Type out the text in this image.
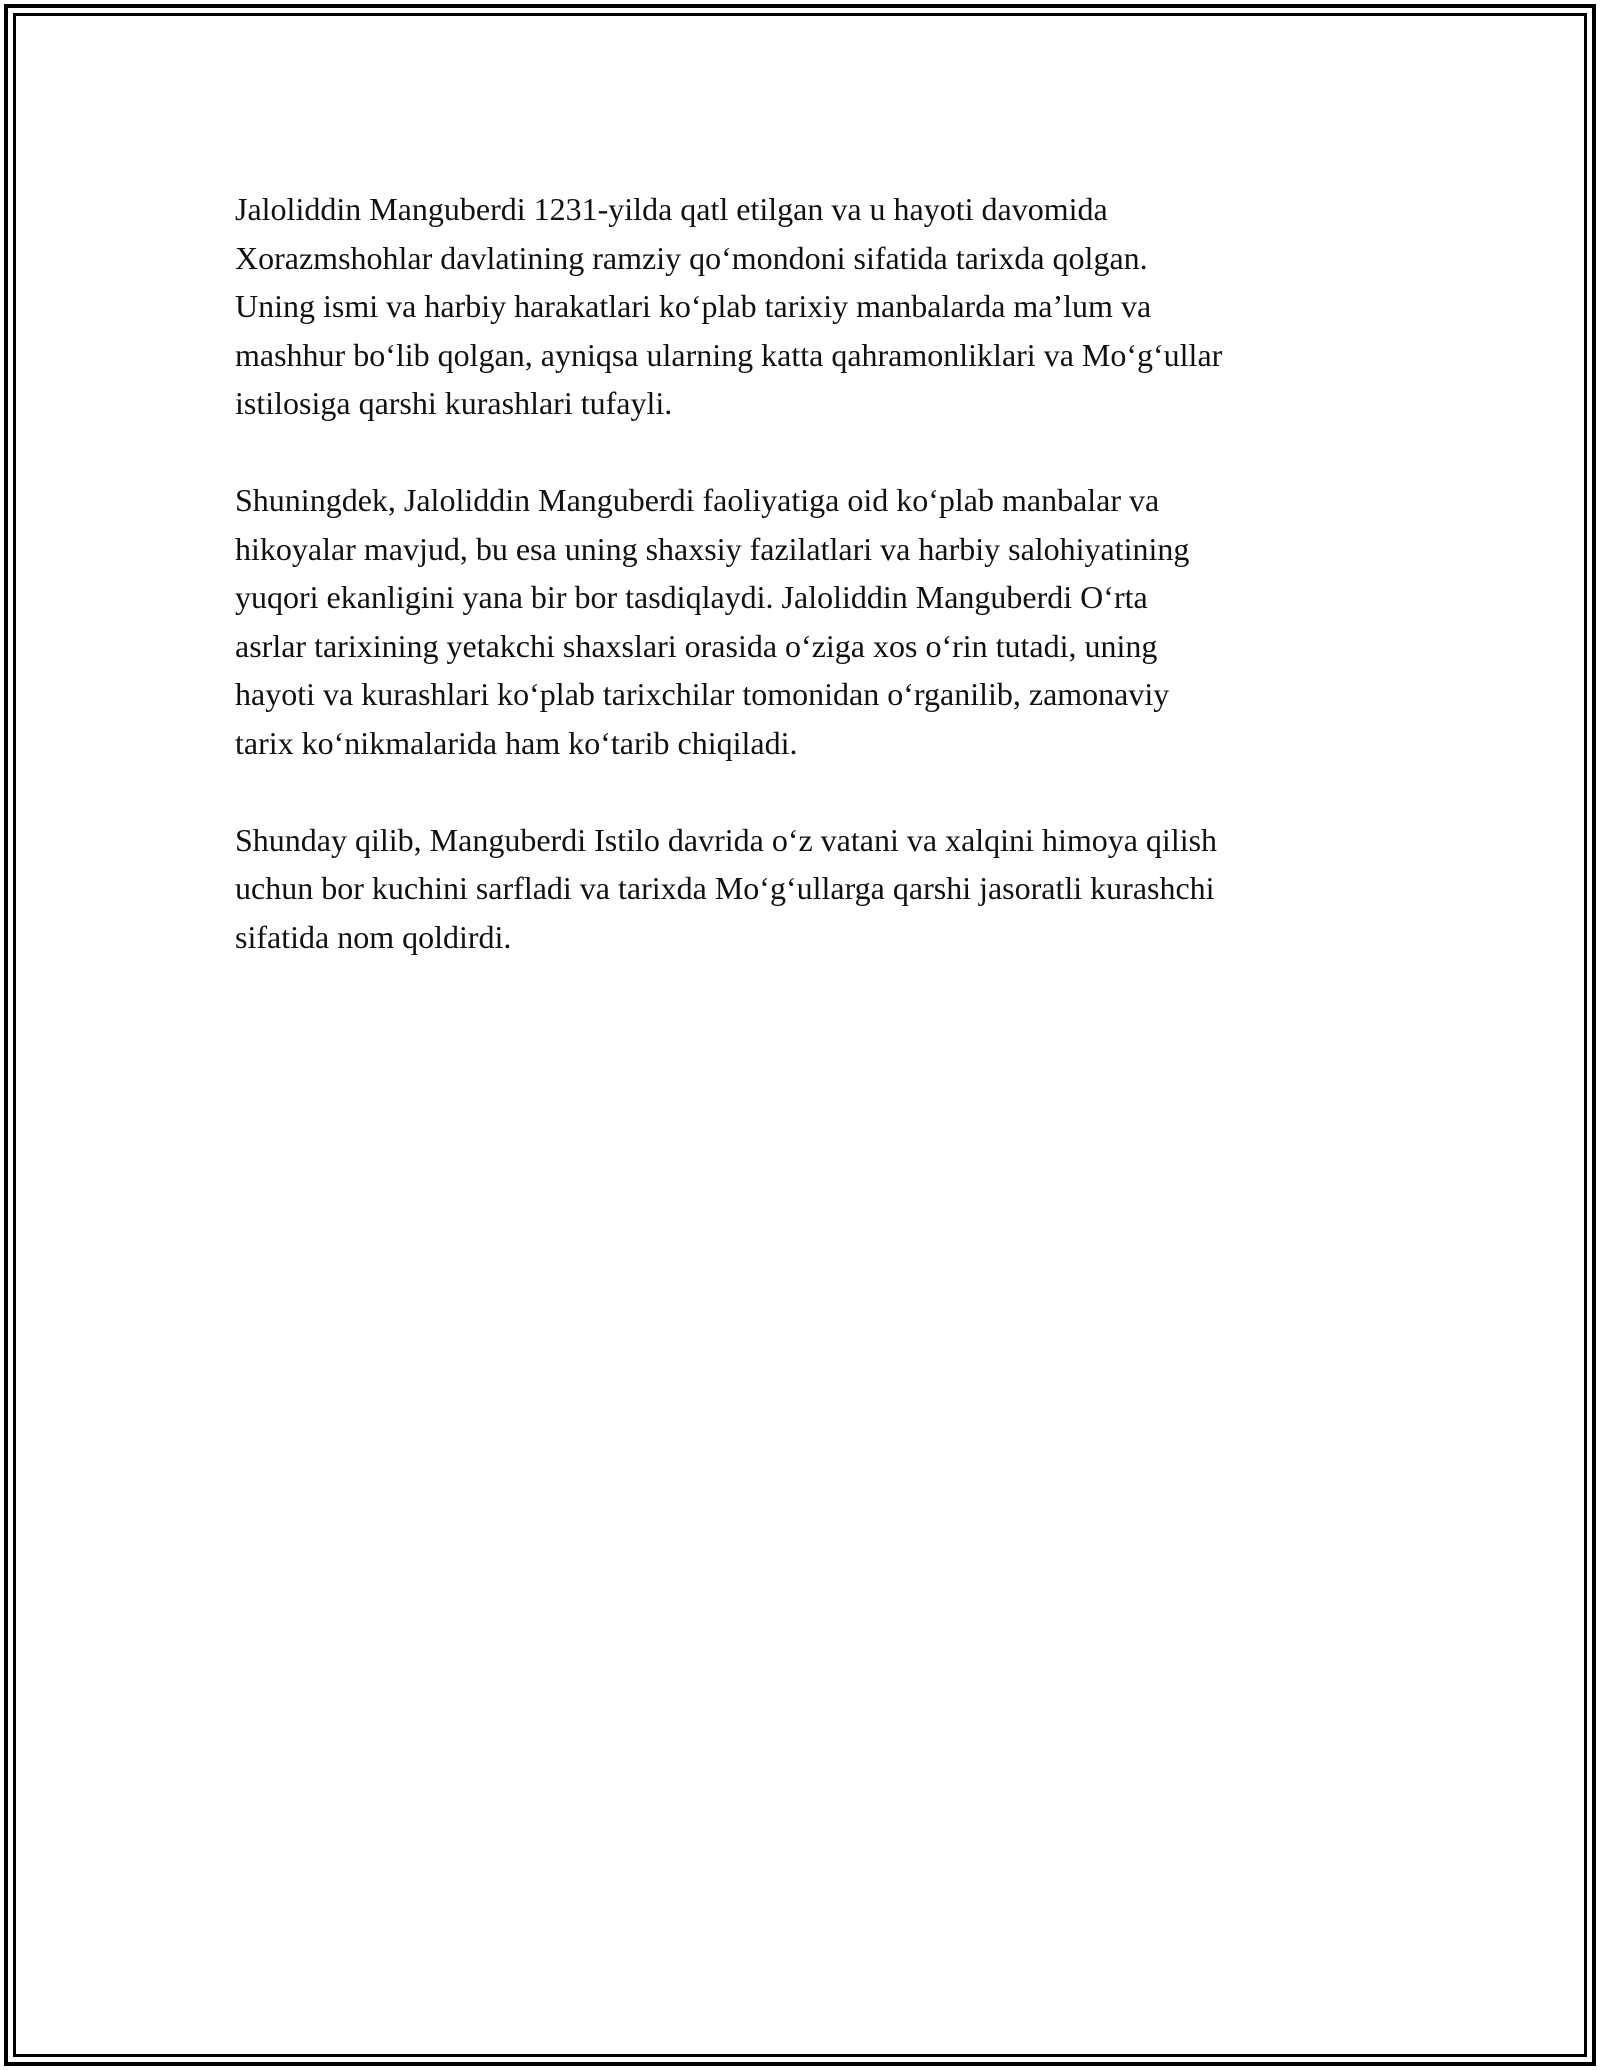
Jaloliddin Manguberdi 1231-yilda qatl etilgan va u hayoti davomida
Xorazmshohlar davlatining ramziy qo‘mondoni sifatida tarixda qolgan.
Uning ismi va harbiy harakatlari ko‘plab tarixiy manbalarda ma’lum va
mashhur bo‘lib qolgan, ayniqsa ularning katta qahramonliklari va Mo‘g‘ullar
istilosiga qarshi kurashlari tufayli.

Shuningdek, Jaloliddin Manguberdi faoliyatiga oid ko‘plab manbalar va
hikoyalar mavjud, bu esa uning shaxsiy fazilatlari va harbiy salohiyatining
yuqori ekanligini yana bir bor tasdiqlaydi. Jaloliddin Manguberdi O‘rta
asrlar tarixining yetakchi shaxslari orasida o‘ziga xos o‘rin tutadi, uning
hayoti va kurashlari ko‘plab tarixchilar tomonidan o‘rganilib, zamonaviy
tarix ko‘nikmalarida ham ko‘tarib chiqiladi.

Shunday qilib, Manguberdi Istilo davrida o‘z vatani va xalqini himoya qilish
uchun bor kuchini sarfladi va tarixda Mo‘g‘ullarga qarshi jasoratli kurashchi
sifatida nom qoldirdi.
